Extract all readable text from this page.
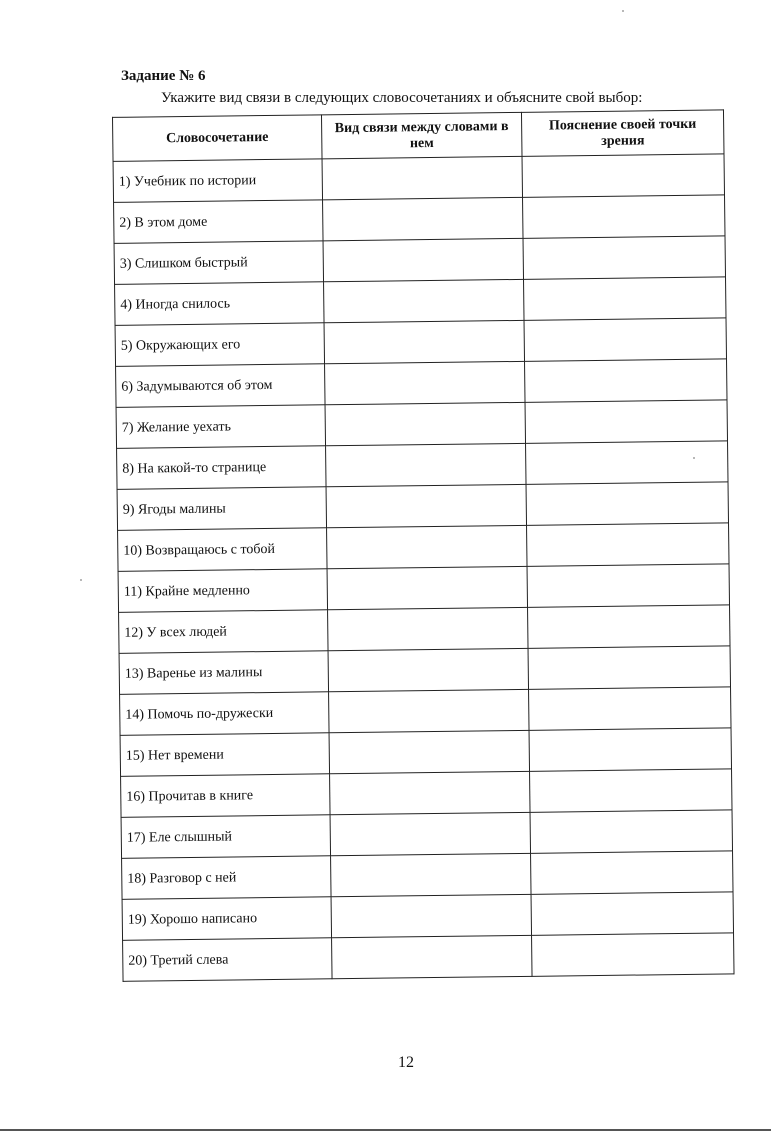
Задание № 6
Укажите вид связи в следующих словосочетаниях и объясните свой выбор:
Словосочетание	Вид связи между словами в нем	Пояснение своей точки зрения
1) Учебник по истории		
2) В этом доме		
3) Слишком быстрый		
4) Иногда снилось		
5) Окружающих его		
6) Задумываются об этом		
7) Желание уехать		
8) На какой-то странице		
9) Ягоды малины		
10) Возвращаюсь с тобой		
11) Крайне медленно		
12) У всех людей		
13) Варенье из малины		
14) Помочь по-дружески		
15) Нет времени		
16) Прочитав в книге		
17) Еле слышный		
18) Разговор с ней		
19) Хорошо написано		
20) Третий слева		
12
